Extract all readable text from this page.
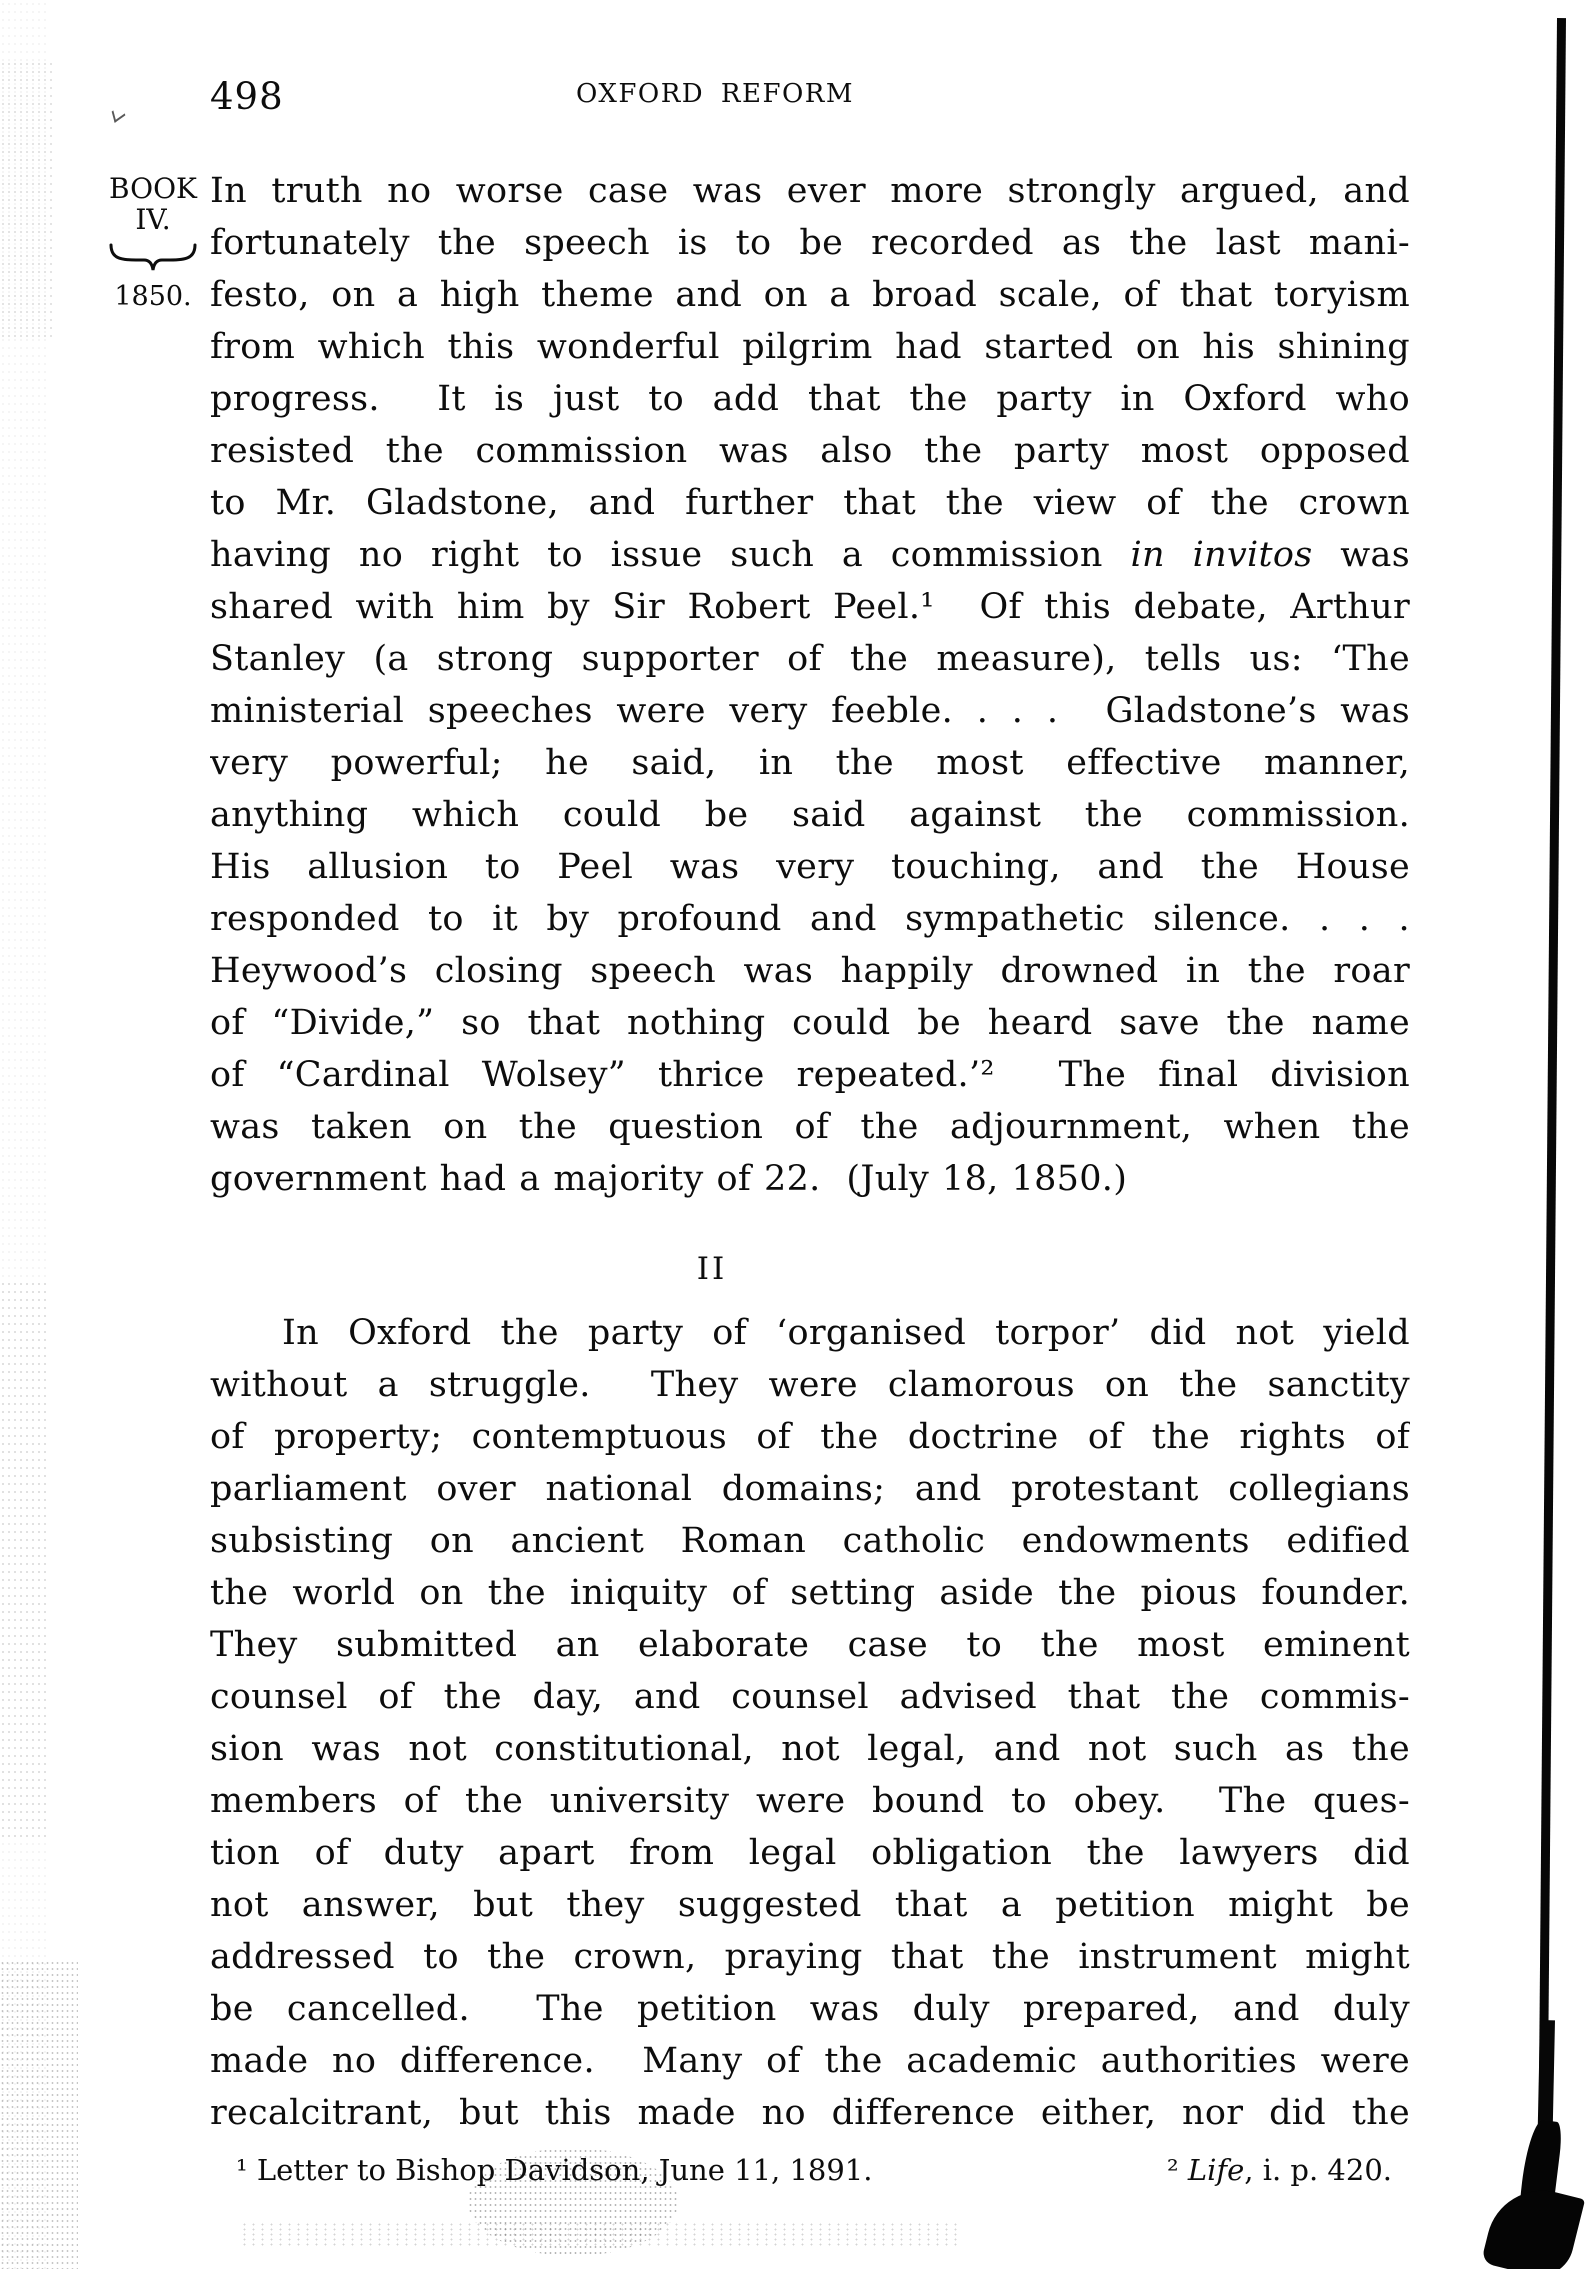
498	OXFORD REFORM
BOOK
IV.
1850.
In truth no worse case was ever more strongly argued, and
fortunately the speech is to be recorded as the last mani-
festo, on a high theme and on a broad scale, of that toryism
from which this wonderful pilgrim had started on his shining
progress.  It is just to add that the party in Oxford who
resisted the commission was also the party most opposed
to Mr. Gladstone, and further that the view of the crown
having no right to issue such a commission in invitos was
shared with him by Sir Robert Peel.¹  Of this debate, Arthur
Stanley (a strong supporter of the measure), tells us: ‘The
ministerial speeches were very feeble. . . .  Gladstone’s was
very powerful; he said, in the most effective manner,
anything which could be said against the commission.
His allusion to Peel was very touching, and the House
responded to it by profound and sympathetic silence. . . .
Heywood’s closing speech was happily drowned in the roar
of “Divide,” so that nothing could be heard save the name
of “Cardinal Wolsey” thrice repeated.’²  The final division
was taken on the question of the adjournment, when the
government had a majority of 22.  (July 18, 1850.)
II
In Oxford the party of ‘organised torpor’ did not yield
without a struggle.  They were clamorous on the sanctity
of property; contemptuous of the doctrine of the rights of
parliament over national domains; and protestant collegians
subsisting on ancient Roman catholic endowments edified
the world on the iniquity of setting aside the pious founder.
They submitted an elaborate case to the most eminent
counsel of the day, and counsel advised that the commis-
sion was not constitutional, not legal, and not such as the
members of the university were bound to obey.  The ques-
tion of duty apart from legal obligation the lawyers did
not answer, but they suggested that a petition might be
addressed to the crown, praying that the instrument might
be cancelled.  The petition was duly prepared, and duly
made no difference.  Many of the academic authorities were
recalcitrant, but this made no difference either, nor did the
¹ Letter to Bishop Davidson, June 11, 1891.	² Life, i. p. 420.
